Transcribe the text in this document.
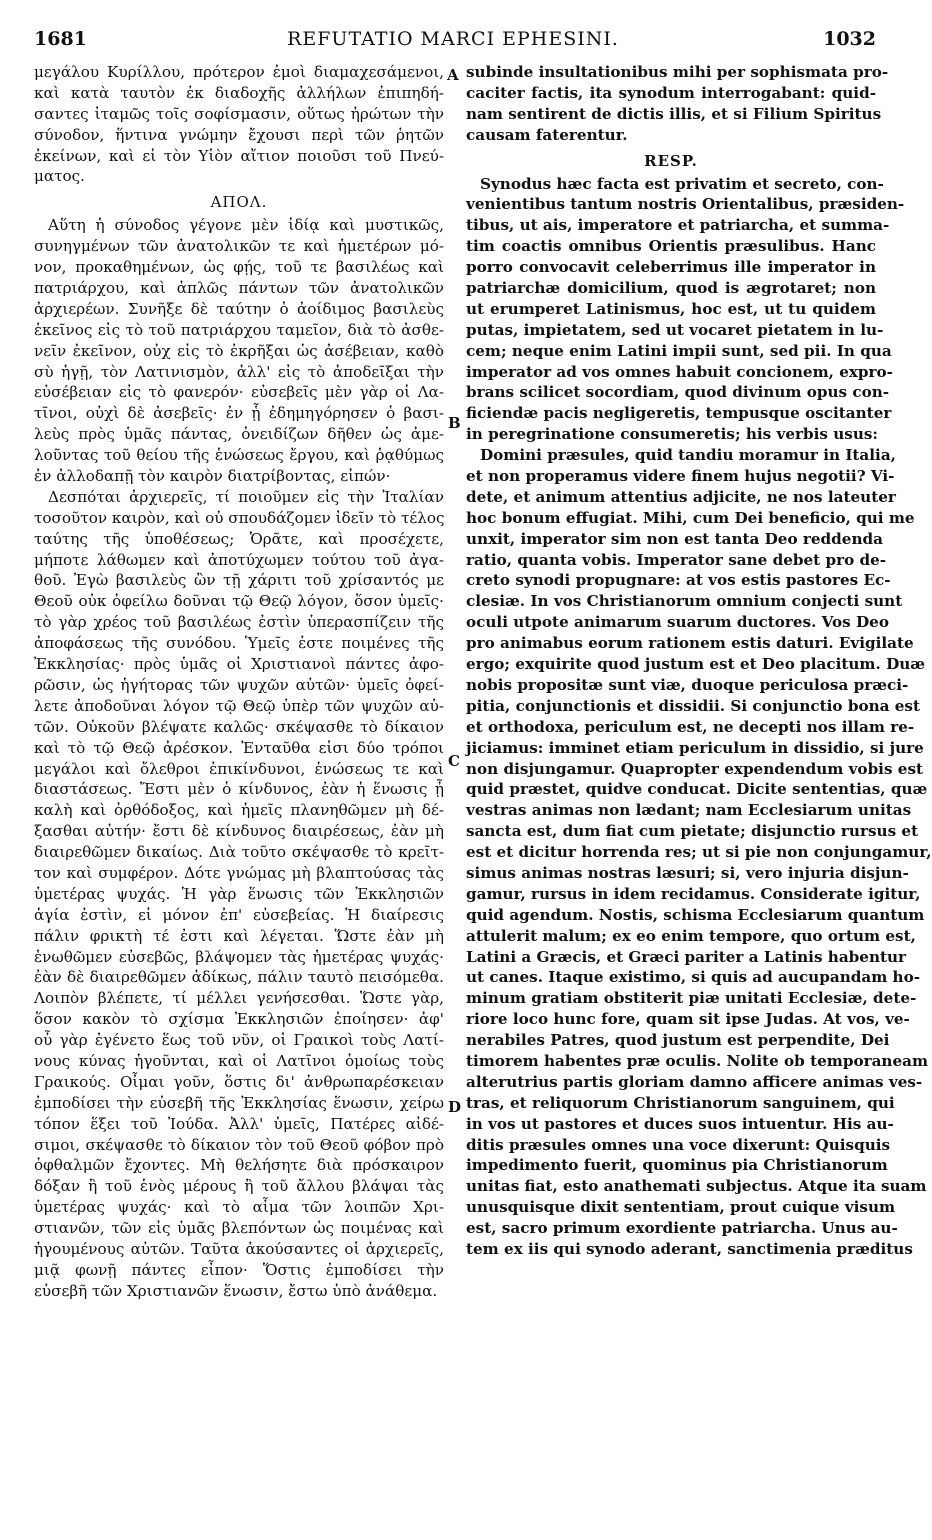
1681	REFUTATIO MARCI EPHESINI.	1032
A
B
C
D
μεγάλου Κυρίλλου, πρότερον ἐμοὶ διαμαχεσάμενοι,
καὶ κατὰ ταυτὸν ἐκ διαδοχῆς ἀλλήλων ἐπιπηδή-
σαντες ἰταμῶς τοῖς σοφίσμασιν, οὕτως ἠρώτων τὴν
σύνοδον, ἥντινα γνώμην ἔχουσι περὶ τῶν ῥητῶν
ἐκείνων, καὶ εἰ τὸν Υἱὸν αἴτιον ποιοῦσι τοῦ Πνεύ-
ματος.
ΑΠΟΛ.
Αὕτη ἡ σύνοδος γέγονε μὲν ἰδίᾳ καὶ μυστικῶς,
συνηγμένων τῶν ἀνατολικῶν τε καὶ ἡμετέρων μό-
νον, προκαθημένων, ὡς φῄς, τοῦ τε βασιλέως καὶ
πατριάρχου, καὶ ἁπλῶς πάντων τῶν ἀνατολικῶν
ἀρχιερέων. Συνῆξε δὲ ταύτην ὁ ἀοίδιμος βασιλεὺς
ἐκεῖνος εἰς τὸ τοῦ πατριάρχου ταμεῖον, διὰ τὸ ἀσθε-
νεῖν ἐκεῖνον, οὐχ εἰς τὸ ἐκρῆξαι ὡς ἀσέβειαν, καθὸ
σὺ ἡγῇ, τὸν Λατινισμὸν, ἀλλ' εἰς τὸ ἀποδεῖξαι τὴν
εὐσέβειαν εἰς τὸ φανερόν· εὐσεβεῖς μὲν γὰρ οἱ Λα-
τῖνοι, οὐχὶ δὲ ἀσεβεῖς· ἐν ᾗ ἐδημηγόρησεν ὁ βασι-
λεὺς πρὸς ὑμᾶς πάντας, ὀνειδίζων δῆθεν ὡς ἀμε-
λοῦντας τοῦ θείου τῆς ἑνώσεως ἔργου, καὶ ῥᾳθύμως
ἐν ἀλλοδαπῇ τὸν καιρὸν διατρίβοντας, εἰπών·
Δεσπόται ἀρχιερεῖς, τί ποιοῦμεν εἰς τὴν Ἰταλίαν
τοσοῦτον καιρὸν, καὶ οὐ σπουδάζομεν ἰδεῖν τὸ τέλος
ταύτης τῆς ὑποθέσεως; Ὁρᾶτε, καὶ προσέχετε,
μήποτε λάθωμεν καὶ ἀποτύχωμεν τούτου τοῦ ἀγα-
θοῦ. Ἐγὼ βασιλεὺς ὢν τῇ χάριτι τοῦ χρίσαντός με
Θεοῦ οὐκ ὀφείλω δοῦναι τῷ Θεῷ λόγον, ὅσον ὑμεῖς·
τὸ γὰρ χρέος τοῦ βασιλέως ἐστὶν ὑπερασπίζειν τῆς
ἀποφάσεως τῆς συνόδου. Ὑμεῖς ἐστε ποιμένες τῆς
Ἐκκλησίας· πρὸς ὑμᾶς οἱ Χριστιανοὶ πάντες ἀφο-
ρῶσιν, ὡς ἡγήτορας τῶν ψυχῶν αὐτῶν· ὑμεῖς ὀφεί-
λετε ἀποδοῦναι λόγον τῷ Θεῷ ὑπὲρ τῶν ψυχῶν αὐ-
τῶν. Οὐκοῦν βλέψατε καλῶς· σκέψασθε τὸ δίκαιον
καὶ τὸ τῷ Θεῷ ἀρέσκον. Ἐνταῦθα εἰσι δύο τρόποι
μεγάλοι καὶ ὄλεθροι ἐπικίνδυνοι, ἑνώσεως τε καὶ
διαστάσεως. Ἔστι μὲν ὁ κίνδυνος, ἐὰν ἡ ἕνωσις ᾖ
καλὴ καὶ ὀρθόδοξος, καὶ ἡμεῖς πλανηθῶμεν μὴ δέ-
ξασθαι αὐτήν· ἔστι δὲ κίνδυνος διαιρέσεως, ἐὰν μὴ
διαιρεθῶμεν δικαίως. Διὰ τοῦτο σκέψασθε τὸ κρεῖτ-
τον καὶ συμφέρον. Δότε γνώμας μὴ βλαπτούσας τὰς
ὑμετέρας ψυχάς. Ἡ γὰρ ἕνωσις τῶν Ἐκκλησιῶν
ἁγία ἐστὶν, εἰ μόνον ἐπ' εὐσεβείας. Ἡ διαίρεσις
πάλιν φρικτὴ τέ ἐστι καὶ λέγεται. Ὥστε ἐὰν μὴ
ἑνωθῶμεν εὐσεβῶς, βλάψομεν τὰς ἡμετέρας ψυχάς·
ἐὰν δὲ διαιρεθῶμεν ἀδίκως, πάλιν ταυτὸ πεισόμεθα.
Λοιπὸν βλέπετε, τί μέλλει γενήσεσθαι. Ὥστε γὰρ,
ὅσον κακὸν τὸ σχίσμα Ἐκκλησιῶν ἐποίησεν· ἀφ'
οὗ γὰρ ἐγένετο ἕως τοῦ νῦν, οἱ Γραικοὶ τοὺς Λατί-
νους κύνας ἡγοῦνται, καὶ οἱ Λατῖνοι ὁμοίως τοὺς
Γραικούς. Οἶμαι γοῦν, ὅστις δι' ἀνθρωπαρέσκειαν
ἐμποδίσει τὴν εὐσεβῆ τῆς Ἐκκλησίας ἕνωσιν, χείρω
τόπον ἕξει τοῦ Ἰούδα. Ἀλλ' ὑμεῖς, Πατέρες αἰδέ-
σιμοι, σκέψασθε τὸ δίκαιον τὸν τοῦ Θεοῦ φόβον πρὸ
ὀφθαλμῶν ἔχοντες. Μὴ θελήσητε διὰ πρόσκαιρον
δόξαν ἢ τοῦ ἑνὸς μέρους ἢ τοῦ ἄλλου βλάψαι τὰς
ὑμετέρας ψυχάς· καὶ τὸ αἷμα τῶν λοιπῶν Χρι-
στιανῶν, τῶν εἰς ὑμᾶς βλεπόντων ὡς ποιμένας καὶ
ἡγουμένους αὐτῶν. Ταῦτα ἀκούσαντες οἱ ἀρχιερεῖς,
μιᾷ φωνῇ πάντες εἶπον· Ὅστις ἐμποδίσει τὴν
εὐσεβῆ τῶν Χριστιανῶν ἕνωσιν, ἔστω ὑπὸ ἀνάθεμα.
subinde insultationibus mihi per sophismata pro-
caciter factis, ita synodum interrogabant: quid-
nam sentirent de dictis illis, et si Filium Spiritus
causam faterentur.
RESP.
Synodus hæc facta est privatim et secreto, con-
venientibus tantum nostris Orientalibus, præsiden-
tibus, ut ais, imperatore et patriarcha, et summa-
tim coactis omnibus Orientis præsulibus. Hanc
porro convocavit celeberrimus ille imperator in
patriarchæ domicilium, quod is ægrotaret; non
ut erumperet Latinismus, hoc est, ut tu quidem
putas, impietatem, sed ut vocaret pietatem in lu-
cem; neque enim Latini impii sunt, sed pii. In qua
imperator ad vos omnes habuit concionem, expro-
brans scilicet socordiam, quod divinum opus con-
ficiendæ pacis negligeretis, tempusque oscitanter
in peregrinatione consumeretis; his verbis usus:
Domini præsules, quid tandiu moramur in Italia,
et non properamus videre finem hujus negotii? Vi-
dete, et animum attentius adjicite, ne nos lateuter
hoc bonum effugiat. Mihi, cum Dei beneficio, qui me
unxit, imperator sim non est tanta Deo reddenda
ratio, quanta vobis. Imperator sane debet pro de-
creto synodi propugnare: at vos estis pastores Ec-
clesiæ. In vos Christianorum omnium conjecti sunt
oculi utpote animarum suarum ductores. Vos Deo
pro animabus eorum rationem estis daturi. Evigilate
ergo; exquirite quod justum est et Deo placitum. Duæ
nobis propositæ sunt viæ, duoque periculosa præci-
pitia, conjunctionis et dissidii. Si conjunctio bona est
et orthodoxa, periculum est, ne decepti nos illam re-
jiciamus: imminet etiam periculum in dissidio, si jure
non disjungamur. Quapropter expendendum vobis est
quid præstet, quidve conducat. Dicite sententias, quæ
vestras animas non lædant; nam Ecclesiarum unitas
sancta est, dum fiat cum pietate; disjunctio rursus et
est et dicitur horrenda res; ut si pie non conjungamur,
simus animas nostras læsuri; si, vero injuria disjun-
gamur, rursus in idem recidamus. Considerate igitur,
quid agendum. Nostis, schisma Ecclesiarum quantum
attulerit malum; ex eo enim tempore, quo ortum est,
Latini a Græcis, et Græci pariter a Latinis habentur
ut canes. Itaque existimo, si quis ad aucupandam ho-
minum gratiam obstiterit piæ unitati Ecclesiæ, dete-
riore loco hunc fore, quam sit ipse Judas. At vos, ve-
nerabiles Patres, quod justum est perpendite, Dei
timorem habentes præ oculis. Nolite ob temporaneam
alterutrius partis gloriam damno afficere animas ves-
tras, et reliquorum Christianorum sanguinem, qui
in vos ut pastores et duces suos intuentur. His au-
ditis præsules omnes una voce dixerunt: Quisquis
impedimento fuerit, quominus pia Christianorum
unitas fiat, esto anathemati subjectus. Atque ita suam
unusquisque dixit sententiam, prout cuique visum
est, sacro primum exordiente patriarcha. Unus au-
tem ex iis qui synodo aderant, sanctimenia præditus
